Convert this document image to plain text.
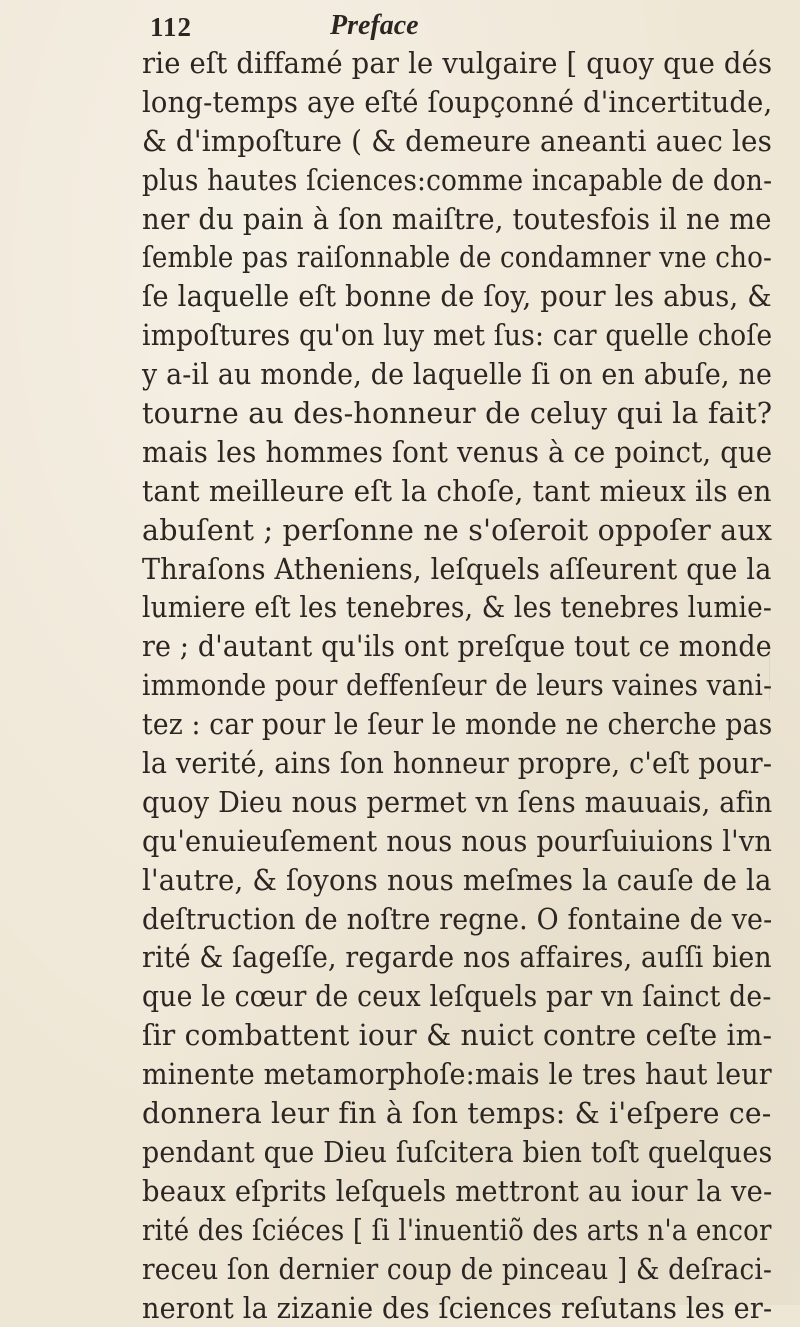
112	Preface
rie eſt diffamé par le vulgaire [ quoy que dés
long-temps aye eſté ſoupçonné d'incertitude,
& d'impoſture ( & demeure aneanti auec les
plus hautes ſciences:comme incapable de don-
ner du pain à ſon maiſtre, toutesfois il ne me
ſemble pas raiſonnable de condamner vne cho-
ſe laquelle eſt bonne de ſoy, pour les abus, &
impoſtures qu'on luy met ſus: car quelle choſe
y a-il au monde, de laquelle ſi on en abuſe, ne
tourne au des-honneur de celuy qui la fait?
mais les hommes ſont venus à ce poinct, que
tant meilleure eſt la choſe, tant mieux ils en
abuſent ; perſonne ne s'oſeroit oppoſer aux
Thraſons Atheniens, leſquels aſſeurent que la
lumiere eſt les tenebres, & les tenebres lumie-
re ; d'autant qu'ils ont preſque tout ce monde
immonde pour deffenſeur de leurs vaines vani-
tez : car pour le ſeur le monde ne cherche pas
la verité, ains ſon honneur propre, c'eſt pour-
quoy Dieu nous permet vn ſens mauuais, afin
qu'enuieuſement nous nous pourſuiuions l'vn
l'autre, & ſoyons nous meſmes la cauſe de la
deſtruction de noſtre regne. O fontaine de ve-
rité & ſageſſe, regarde nos affaires, auſſi bien
que le cœur de ceux leſquels par vn ſainct de-
ſir combattent iour & nuict contre ceſte im-
minente metamorphoſe:mais le tres haut leur
donnera leur fin à ſon temps: & i'eſpere ce-
pendant que Dieu ſuſcitera bien toſt quelques
beaux eſprits leſquels mettront au iour la ve-
rité des ſciéces [ ſi l'inuentiõ des arts n'a encor
receu ſon dernier coup de pinceau ] & deſraci-
neront la zizanie des ſciences reſutans les er-
